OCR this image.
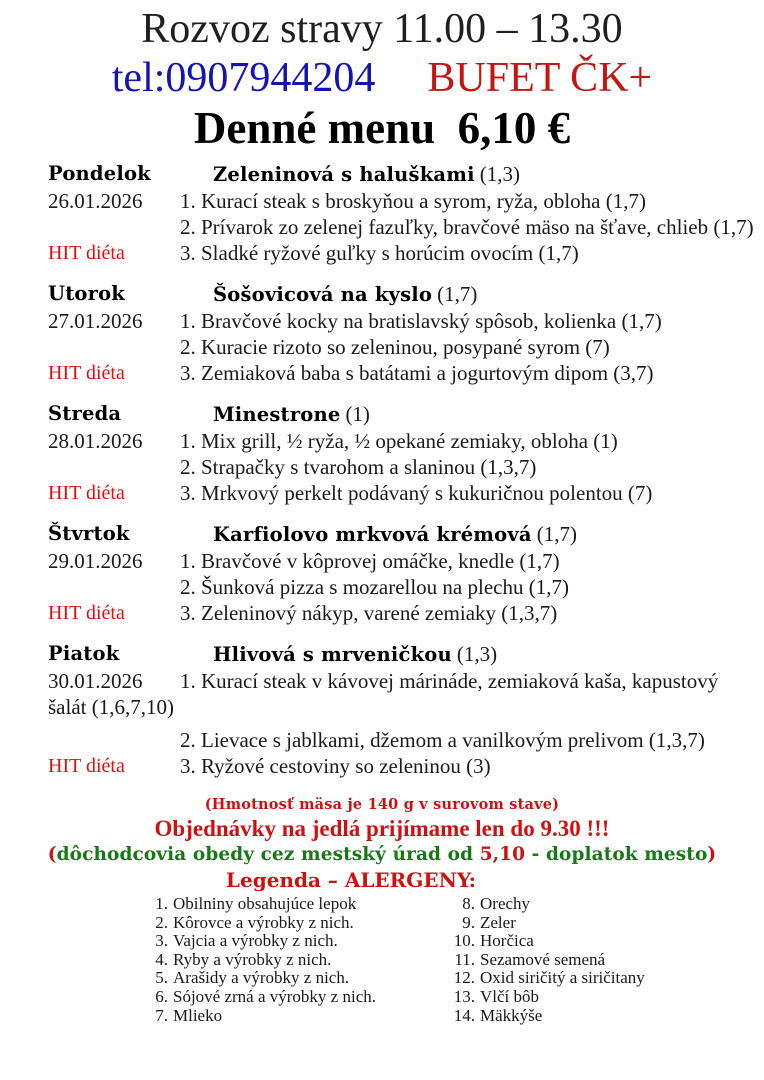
Rozvoz stravy 11.00 – 13.30
tel:0907944204 BUFET ČK+
Denné menu  6,10 €
Pondelok	Zeleninová s haluškami (1,3)
26.01.2026	1. Kurací steak s broskyňou a syrom, ryža, obloha (1,7)
2. Prívarok zo zelenej fazuľky, bravčové mäso na šťave, chlieb (1,7)
HIT diéta	3. Sladké ryžové guľky s horúcim ovocím (1,7)
Utorok	Šošovicová na kyslo (1,7)
27.01.2026	1. Bravčové kocky na bratislavský spôsob, kolienka (1,7)
2. Kuracie rizoto so zeleninou, posypané syrom (7)
HIT diéta	3. Zemiaková baba s batátami a jogurtovým dipom (3,7)
Streda	Minestrone (1)
28.01.2026	1. Mix grill, ½ ryža, ½ opekané zemiaky, obloha (1)
2. Strapačky s tvarohom a slaninou (1,3,7)
HIT diéta	3. Mrkvový perkelt podávaný s kukuričnou polentou (7)
Štvrtok	Karfiolovo mrkvová krémová (1,7)
29.01.2026	1. Bravčové v kôprovej omáčke, knedle (1,7)
2. Šunková pizza s mozarellou na plechu (1,7)
HIT diéta	3. Zeleninový nákyp, varené zemiaky (1,3,7)
Piatok	Hlivová s mrveničkou (1,3)
30.01.2026	1. Kurací steak v kávovej márináde, zemiaková kaša, kapustový
šalát (1,6,7,10)
2. Lievace s jablkami, džemom a vanilkovým prelivom (1,3,7)
HIT diéta	3. Ryžové cestoviny so zeleninou (3)
(Hmotnosť mäsa je 140 g v surovom stave)
Objednávky na jedlá prijímame len do 9.30 !!!
(dôchodcovia obedy cez mestský úrad od 5,10 - doplatok mesto)
Legenda – ALERGENY:
1. Obilniny obsahujúce lepok
2. Kôrovce a výrobky z nich.
3. Vajcia a výrobky z nich.
4. Ryby a výrobky z nich.
5. Arašidy a výrobky z nich.
6. Sójové zrná a výrobky z nich.
7. Mlieko
8. Orechy
9. Zeler
10. Horčica
11. Sezamové semená
12. Oxid siričitý a siričitany
13. Vlčí bôb
14. Mäkkýše
